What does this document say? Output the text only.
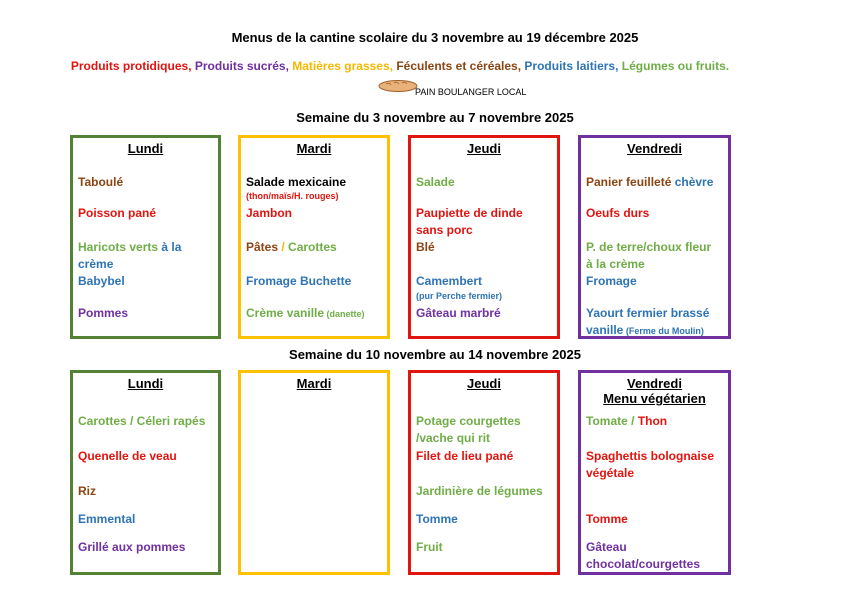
Menus de la cantine scolaire du 3 novembre au 19 décembre 2025
Produits protidiques, Produits sucrés, Matières grasses, Féculents et céréales, Produits laitiers, Légumes ou fruits.
PAIN BOULANGER LOCAL
Semaine du 3 novembre au 7 novembre 2025
Lundi
Taboulé
Poisson pané
Haricots verts à la crème
Babybel
Pommes
Mardi
Salade mexicaine
(thon/maïs/H. rouges)
Jambon
Pâtes / Carottes
Fromage Buchette
Crème vanille (danette)
Jeudi
Salade
Paupiette de dinde sans porc
Blé
Camembert
(pur Perche fermier)
Gâteau marbré
Vendredi
Panier feuilleté chèvre
Oeufs durs
P. de terre/choux fleur
à la crème
Fromage
Yaourt fermier brassé vanille (Ferme du Moulin)
Semaine du 10 novembre au 14 novembre 2025
Lundi
Carottes / Céleri rapés
Quenelle de veau
Riz
Emmental
Grillé aux pommes
Mardi	Jeudi
Potage courgettes
/vache qui rit
Filet de lieu pané
Jardinière de légumes
Tomme
Fruit
Vendredi
Menu végétarien
Tomate / Thon
Spaghettis bolognaise végétale
Tomme
Gâteau chocolat/courgettes
